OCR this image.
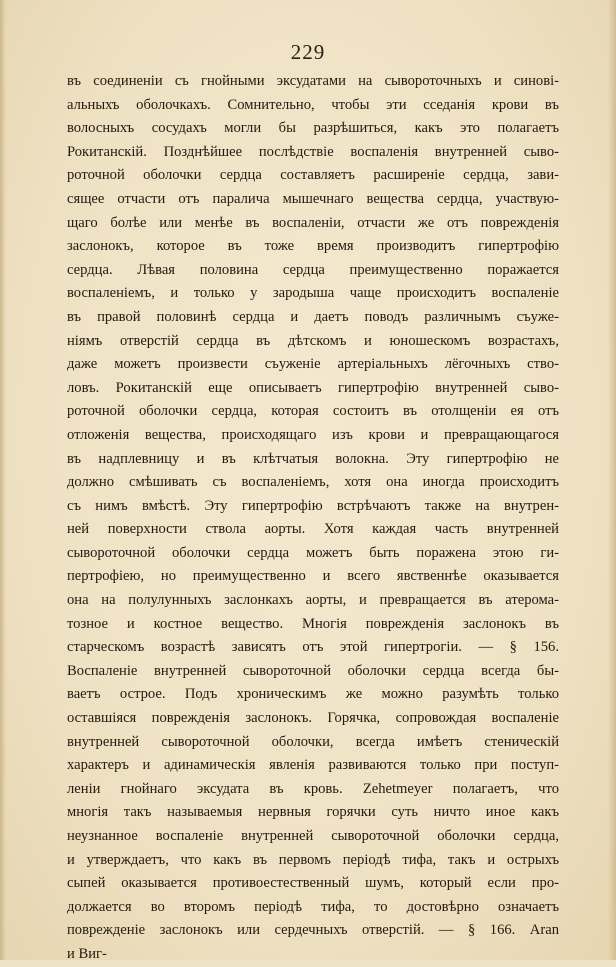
229
въ соединеніи съ гнойными эксудатами на сывороточныхъ и синові-
альныхъ оболочкахъ. Сомнительно, чтобы эти сседанія крови въ
волосныхъ сосудахъ могли бы разрѣшиться, какъ это полагаетъ
Рокитанскій. Позднѣйшее послѣдствіе воспаленія внутренней сыво-
роточной оболочки сердца составляетъ расширеніе сердца, зави-
сящее отчасти отъ паралича мышечнаго вещества сердца, участвую-
щаго болѣе или менѣе въ воспаленіи, отчасти же отъ поврежденія
заслонокъ, которое въ тоже время производитъ гипертрофію
сердца. Лѣвая половина сердца преимущественно поражается
воспаленіемъ, и только у зародыша чаще происходитъ воспаленіе
въ правой половинѣ сердца и даетъ поводъ различнымъ съуже-
ніямъ отверстій сердца въ дѣтскомъ и юношескомъ возрастахъ,
даже можетъ произвести съуженіе артеріальныхъ лёгочныхъ ство-
ловъ. Рокитанскій еще описываетъ гипертрофію внутренней сыво-
роточной оболочки сердца, которая состоитъ въ отолщеніи ея отъ
отложенія вещества, происходящаго изъ крови и превращающагося
въ надплевницу и въ клѣтчатыя волокна. Эту гипертрофію не
должно смѣшивать съ воспаленіемъ, хотя она иногда происходитъ
съ нимъ вмѣстѣ. Эту гипертрофію встрѣчаютъ также на внутрен-
ней поверхности ствола аорты. Хотя каждая часть внутренней
сывороточной оболочки сердца можетъ быть поражена этою ги-
пертрофіею, но преимущественно и всего явственнѣе оказывается
она на полулунныхъ заслонкахъ аорты, и превращается въ атерома-
тозное и костное вещество. Многія поврежденія заслонокъ въ
старческомъ возрастѣ зависятъ отъ этой гипертрогіи. — § 156.
Воспаленіе внутренней сывороточной оболочки сердца всегда бы-
ваетъ острое. Подъ хроническимъ же можно разумѣть только
оставшіяся поврежденія заслонокъ. Горячка, сопровождая воспаленіе
внутренней сывороточной оболочки, всегда имѣетъ стеническій
характеръ и адинамическія явленія развиваются только при поступ-
леніи гнойнаго эксудата въ кровь. Zehetmeyer полагаетъ, что
многія такъ называемыя нервныя горячки суть ничто иное какъ
неузнанное воспаленіе внутренней сывороточной оболочки сердца,
и утверждаетъ, что какъ въ первомъ періодѣ тифа, такъ и острыхъ
сыпей оказывается противоестественный шумъ, который если про-
должается во второмъ періодѣ тифа, то достовѣрно означаетъ
поврежденіе заслонокъ или сердечныхъ отверстій. — § 166. Aran
и Виг-
